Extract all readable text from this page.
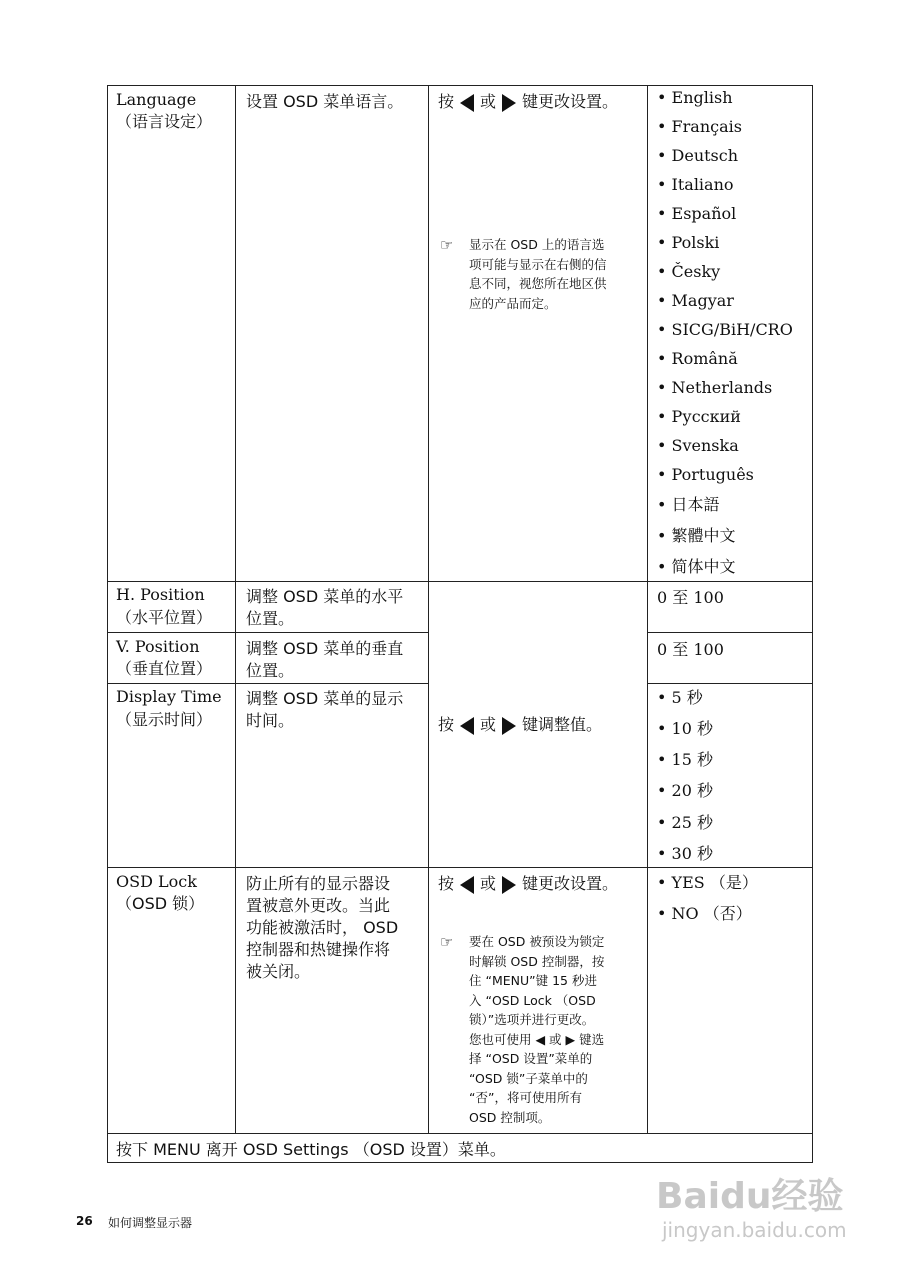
Language
（语言设定）
设置 OSD 菜单语言。 按 或 键更改设置。
☞ 显示在 OSD 上的语言选
项可能与显示在右侧的信
息不同，视您所在地区供
应的产品而定。
• English
• Français
• Deutsch
• Italiano
• Español
• Polski
• Česky
• Magyar
• SICG/BiH/CRO
• Română
• Netherlands
• Русский
• Svenska
• Português
• 日本語
• 繁體中文
• 简体中文
H. Position
（水平位置）
调整 OSD 菜单的水平
位置。
0 至 100
V. Position
（垂直位置）
调整 OSD 菜单的垂直
位置。
0 至 100
按 或 键调整值。
Display Time
（显示时间）
调整 OSD 菜单的显示
时间。
• 5 秒
• 10 秒
• 15 秒
• 20 秒
• 25 秒
• 30 秒
OSD Lock
（OSD 锁）
防止所有的显示器设
置被意外更改。当此
功能被激活时， OSD
控制器和热键操作将
被关闭。
按 或 键更改设置。
☞ 要在 OSD 被预设为锁定
时解锁 OSD 控制器，按
住 “MENU”键 15 秒进
入 “OSD Lock （OSD
锁）”选项并进行更改。
您也可使用 ◀ 或 ▶ 键选
择 “OSD 设置”菜单的
“OSD 锁”子菜单中的
“否”，将可使用所有
OSD 控制项。
• YES （是）
• NO （否）
按下 MENU 离开 OSD Settings （OSD 设置）菜单。
26 如何调整显示器
Baidu经验
jingyan.baidu.com
